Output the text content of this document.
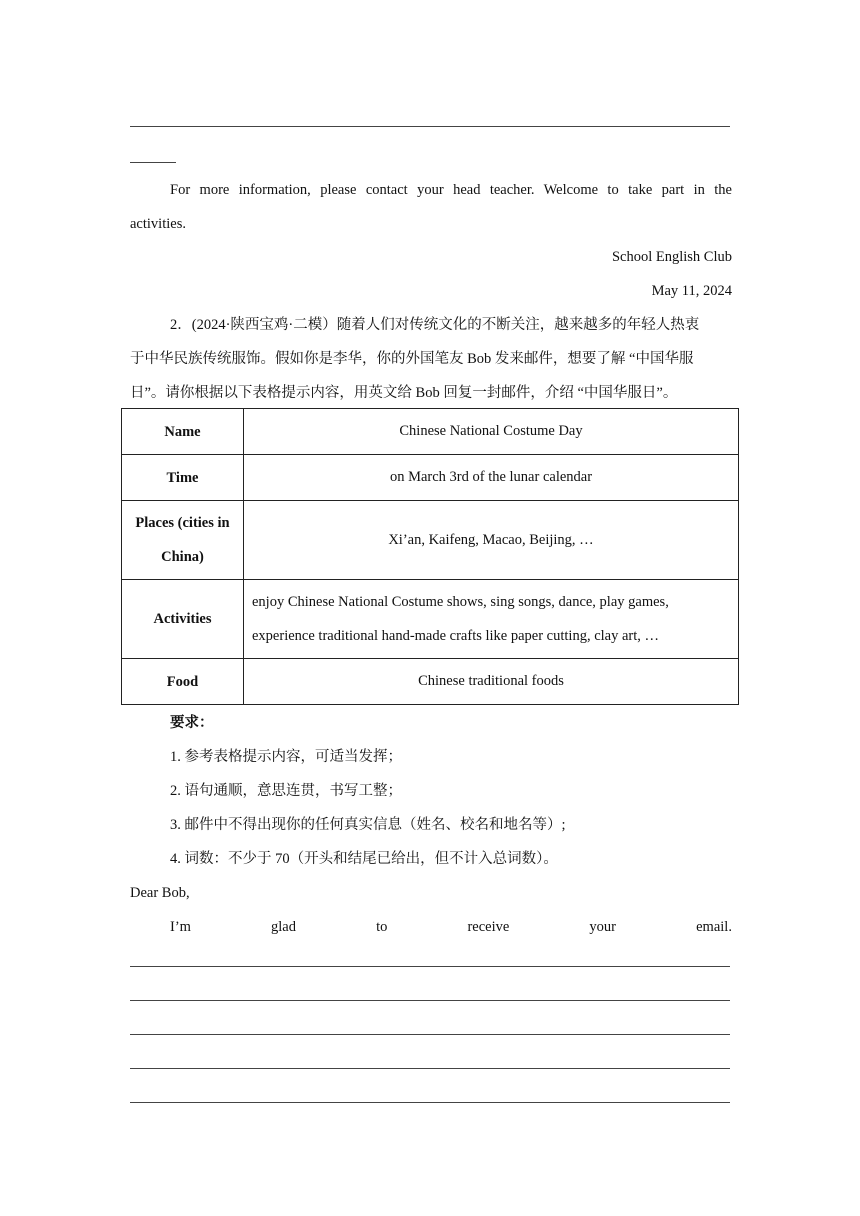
For more information, please contact your head teacher. Welcome to take part in the
activities.
School English Club
May 11, 2024
2．(2024·陕西宝鸡·二模）随着人们对传统文化的不断关注，越来越多的年轻人热衷
于中华民族传统服饰。假如你是李华，你的外国笔友 Bob 发来邮件，想要了解 “中国华服
日”。请你根据以下表格提示内容，用英文给 Bob 回复一封邮件，介绍 “中国华服日”。
Name	Chinese National Costume Day
Time	on March 3rd of the lunar calendar

Places (cities in
China)	Xi’an, Kaifeng, Macao, Beijing, …
Activities	enjoy Chinese National Costume shows, sing songs, dance, play games,
experience traditional hand-made crafts like paper cutting, clay art, …

Food	Chinese traditional foods
要求：
1. 参考表格提示内容，可适当发挥；
2. 语句通顺，意思连贯，书写工整；
3. 邮件中不得出现你的任何真实信息（姓名、校名和地名等）;
4. 词数：不少于 70（开头和结尾已给出，但不计入总词数）。
Dear Bob,
I’m	glad	to	receive	your	email.
